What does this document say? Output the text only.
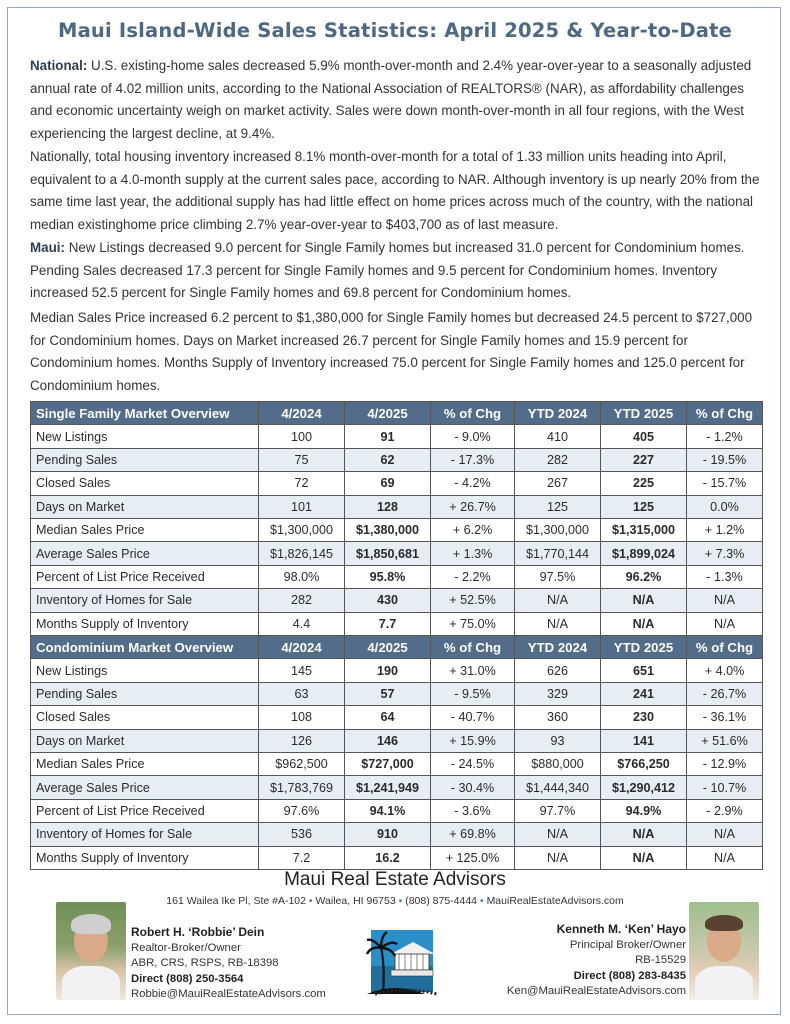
Maui Island-Wide Sales Statistics: April 2025 & Year-to-Date
National: U.S. existing-home sales decreased 5.9% month-over-month and 2.4% year-over-year to a seasonally adjusted annual rate of 4.02 million units, according to the National Association of REALTORS® (NAR), as affordability challenges and economic uncertainty weigh on market activity. Sales were down month-over-month in all four regions, with the West experiencing the largest decline, at 9.4%.
Nationally, total housing inventory increased 8.1% month-over-month for a total of 1.33 million units heading into April, equivalent to a 4.0-month supply at the current sales pace, according to NAR. Although inventory is up nearly 20% from the same time last year, the additional supply has had little effect on home prices across much of the country, with the national median existinghome price climbing 2.7% year-over-year to $403,700 as of last measure.
Maui: New Listings decreased 9.0 percent for Single Family homes but increased 31.0 percent for Condominium homes. Pending Sales decreased 17.3 percent for Single Family homes and 9.5 percent for Condominium homes. Inventory increased 52.5 percent for Single Family homes and 69.8 percent for Condominium homes.
Median Sales Price increased 6.2 percent to $1,380,000 for Single Family homes but decreased 24.5 percent to $727,000 for Condominium homes. Days on Market increased 26.7 percent for Single Family homes and 15.9 percent for Condominium homes. Months Supply of Inventory increased 75.0 percent for Single Family homes and 125.0 percent for Condominium homes.
Single Family Market Overview	4/2024	4/2025	% of Chg	YTD 2024	YTD 2025	% of Chg
New Listings	100	91	- 9.0%	410	405	- 1.2%
Pending Sales	75	62	- 17.3%	282	227	- 19.5%
Closed Sales	72	69	- 4.2%	267	225	- 15.7%
Days on Market	101	128	+ 26.7%	125	125	0.0%
Median Sales Price	$1,300,000	$1,380,000	+ 6.2%	$1,300,000	$1,315,000	+ 1.2%
Average Sales Price	$1,826,145	$1,850,681	+ 1.3%	$1,770,144	$1,899,024	+ 7.3%
Percent of List Price Received	98.0%	95.8%	- 2.2%	97.5%	96.2%	- 1.3%
Inventory of Homes for Sale	282	430	+ 52.5%	N/A	N/A	N/A
Months Supply of Inventory	4.4	7.7	+ 75.0%	N/A	N/A	N/A
Condominium Market Overview	4/2024	4/2025	% of Chg	YTD 2024	YTD 2025	% of Chg
New Listings	145	190	+ 31.0%	626	651	+ 4.0%
Pending Sales	63	57	- 9.5%	329	241	- 26.7%
Closed Sales	108	64	- 40.7%	360	230	- 36.1%
Days on Market	126	146	+ 15.9%	93	141	+ 51.6%
Median Sales Price	$962,500	$727,000	- 24.5%	$880,000	$766,250	- 12.9%
Average Sales Price	$1,783,769	$1,241,949	- 30.4%	$1,444,340	$1,290,412	- 10.7%
Percent of List Price Received	97.6%	94.1%	- 3.6%	97.7%	94.9%	- 2.9%
Inventory of Homes for Sale	536	910	+ 69.8%	N/A	N/A	N/A
Months Supply of Inventory	7.2	16.2	+ 125.0%	N/A	N/A	N/A
Maui Real Estate Advisors
161 Wailea Ike Pl, Ste #A-102 • Wailea, HI 96753 • (808) 875-4444 • MauiRealEstateAdvisors.com
Robert H. ‘Robbie’ Dein
Realtor-Broker/Owner
ABR, CRS, RSPS, RB-18398
Direct (808) 250-3564
Robbie@MauiRealEstateAdvisors.com
Kenneth M. ‘Ken’ Hayo
Principal Broker/Owner
RB-15529
Direct (808) 283-8435
Ken@MauiRealEstateAdvisors.com
